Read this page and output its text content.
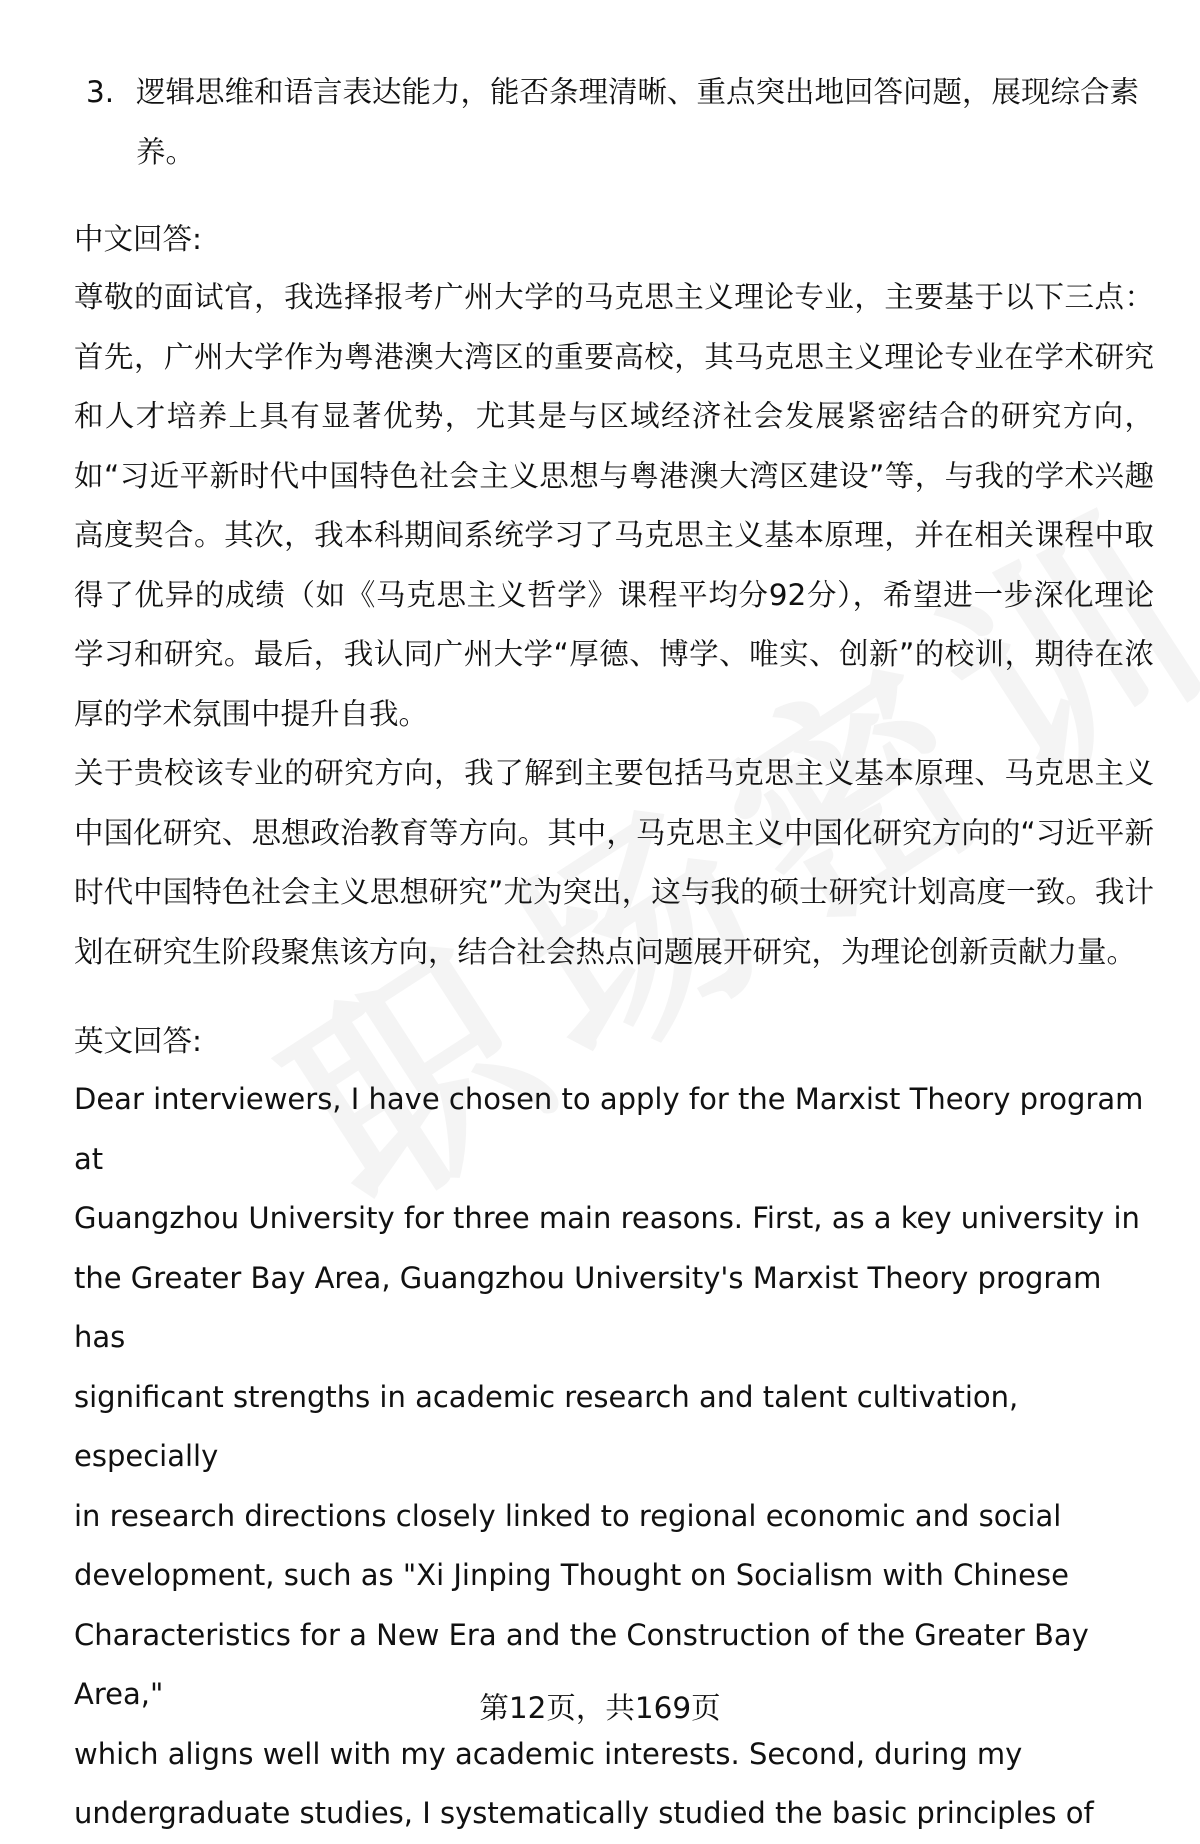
3. 逻辑思维和语言表达能力，能否条理清晰、重点突出地回答问题，展现综合素养。
中文回答:

尊敬的面试官，我选择报考广州大学的马克思主义理论专业，主要基于以下三点：首先，广州大学作为粤港澳大湾区的重要高校，其马克思主义理论专业在学术研究和人才培养上具有显著优势，尤其是与区域经济社会发展紧密结合的研究方向，如“习近平新时代中国特色社会主义思想与粤港澳大湾区建设”等，与我的学术兴趣高度契合。其次，我本科期间系统学习了马克思主义基本原理，并在相关课程中取得了优异的成绩（如《马克思主义哲学》课程平均分92分），希望进一步深化理论学习和研究。最后，我认同广州大学“厚德、博学、唯实、创新”的校训，期待在浓厚的学术氛围中提升自我。

关于贵校该专业的研究方向，我了解到主要包括马克思主义基本原理、马克思主义中国化研究、思想政治教育等方向。其中，马克思主义中国化研究方向的“习近平新时代中国特色社会主义思想研究”尤为突出，这与我的硕士研究计划高度一致。我计划在研究生阶段聚焦该方向，结合社会热点问题展开研究，为理论创新贡献力量。

英文回答:
Dear interviewers, I have chosen to apply for the Marxist Theory program at
Guangzhou University for three main reasons. First, as a key university in
the Greater Bay Area, Guangzhou University's Marxist Theory program has
significant strengths in academic research and talent cultivation, especially
in research directions closely linked to regional economic and social
development, such as "Xi Jinping Thought on Socialism with Chinese
Characteristics for a New Era and the Construction of the Greater Bay Area,"
which aligns well with my academic interests. Second, during my
undergraduate studies, I systematically studied the basic principles of
第12页，共169页
